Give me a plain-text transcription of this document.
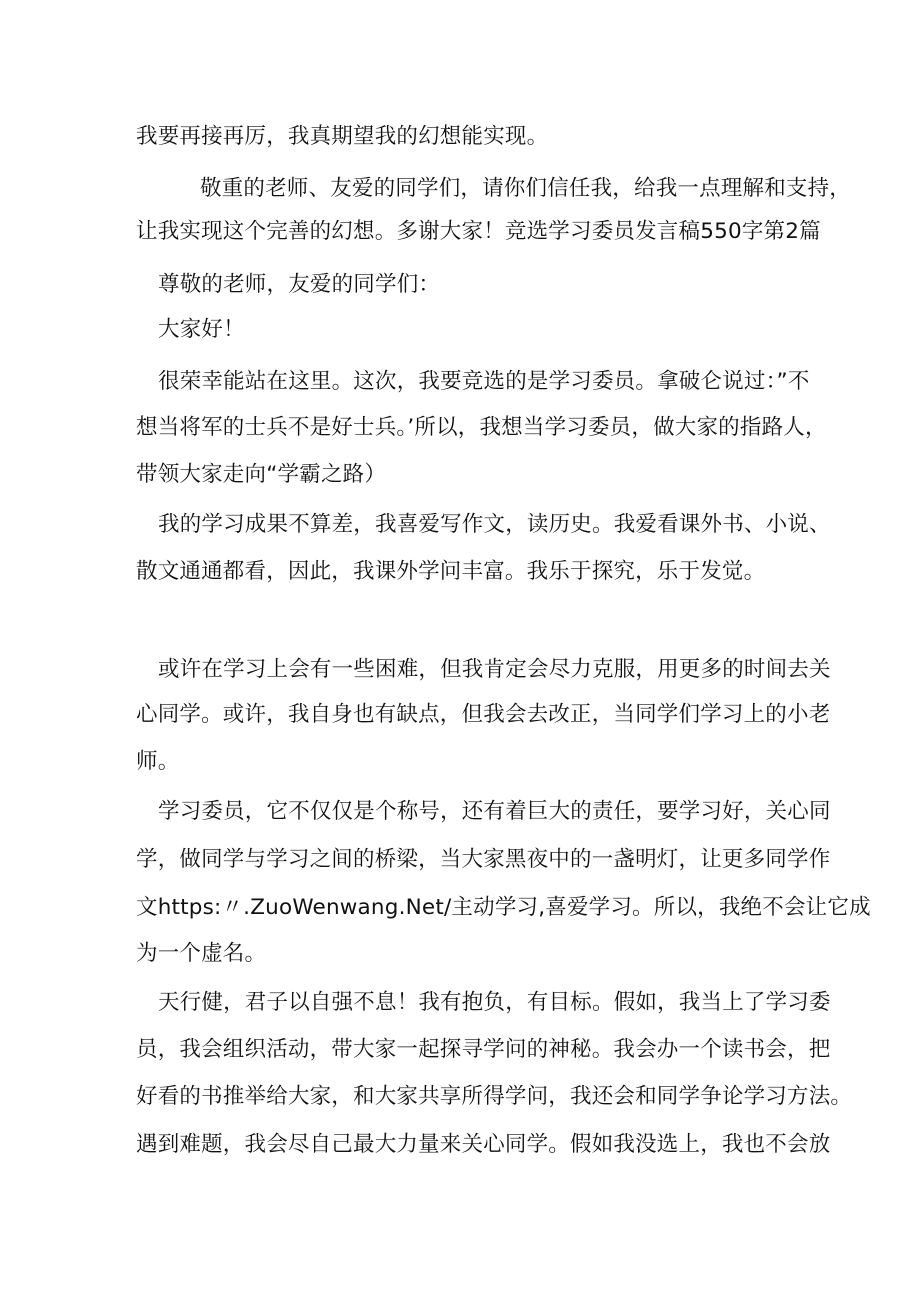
我要再接再厉，我真期望我的幻想能实现。
敬重的老师、友爱的同学们，请你们信任我，给我一点理解和支持，
让我实现这个完善的幻想。多谢大家！竞选学习委员发言稿550字第2篇
尊敬的老师，友爱的同学们：
大家好！
很荣幸能站在这里。这次，我要竞选的是学习委员。拿破仑说过：”不
想当将军的士兵不是好士兵。’所以，我想当学习委员，做大家的指路人，
带领大家走向“学霸之路）
我的学习成果不算差，我喜爱写作文，读历史。我爱看课外书、小说、
散文通通都看，因此，我课外学问丰富。我乐于探究，乐于发觉。
或许在学习上会有一些困难，但我肯定会尽力克服，用更多的时间去关
心同学。或许，我自身也有缺点，但我会去改正，当同学们学习上的小老
师。
学习委员，它不仅仅是个称号，还有着巨大的责任，要学习好，关心同
学，做同学与学习之间的桥梁，当大家黑夜中的一盏明灯，让更多同学作
文https:〃.ZuoWenwang.Net/主动学习,喜爱学习。所以，我绝不会让它成
为一个虚名。
天行健，君子以自强不息！我有抱负，有目标。假如，我当上了学习委
员，我会组织活动，带大家一起探寻学问的神秘。我会办一个读书会，把
好看的书推举给大家，和大家共享所得学问，我还会和同学争论学习方法。
遇到难题，我会尽自己最大力量来关心同学。假如我没选上，我也不会放
